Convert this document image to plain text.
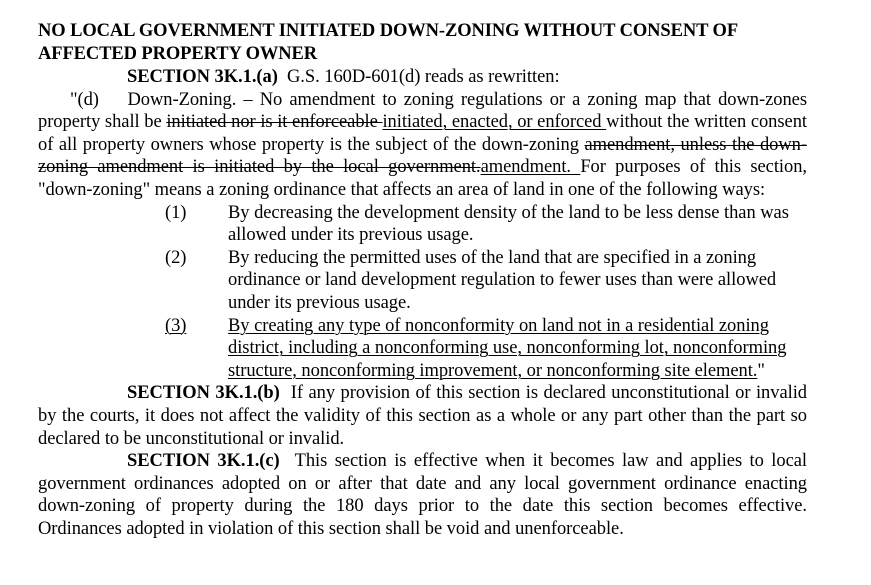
NO LOCAL GOVERNMENT INITIATED DOWN-ZONING WITHOUT CONSENT OF AFFECTED PROPERTY OWNER

SECTION 3K.1.(a) G.S. 160D-601(d) reads as rewritten:

"(d) Down-Zoning. – No amendment to zoning regulations or a zoning map that down-zones property shall be initiated nor is it enforceable initiated, enacted, or enforced without the written consent of all property owners whose property is the subject of the down-zoning amendment, unless the down-zoning amendment is initiated by the local government.amendment. For purposes of this section, "down-zoning" means a zoning ordinance that affects an area of land in one of the following ways:

(1)	By decreasing the development density of the land to be less dense than was allowed under its previous usage.
(2)	By reducing the permitted uses of the land that are specified in a zoning ordinance or land development regulation to fewer uses than were allowed under its previous usage.
(3)	By creating any type of nonconformity on land not in a residential zoning district, including a nonconforming use, nonconforming lot, nonconforming structure, nonconforming improvement, or nonconforming site element."

SECTION 3K.1.(b) If any provision of this section is declared unconstitutional or invalid by the courts, it does not affect the validity of this section as a whole or any part other than the part so declared to be unconstitutional or invalid.

SECTION 3K.1.(c) This section is effective when it becomes law and applies to local government ordinances adopted on or after that date and any local government ordinance enacting down-zoning of property during the 180 days prior to the date this section becomes effective. Ordinances adopted in violation of this section shall be void and unenforceable.
